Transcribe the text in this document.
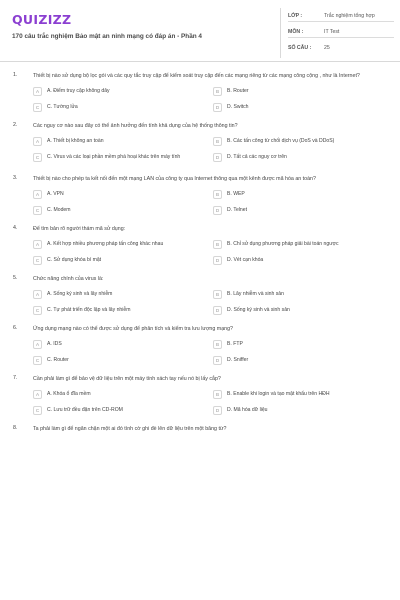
QUIZIZZ
170 câu trắc nghiệm Bảo mật an ninh mạng có đáp án - Phần 4
LỚP :	Trắc nghiệm tổng hợp
MÔN :	IT Test
SỐ CÂU : 25
1.	Thiết bị nào sử dụng bộ lọc gói và các quy tắc truy cập để kiểm soát truy cập đến các mạng riêng từ các mạng công cộng , như là Internet?
A	A. Điểm truy cập không dây	B	B. Router
C	C. Tường lửa	D	D. Switch
2.	Các nguy cơ nào sau đây có thể ảnh hưởng đến tính khả dụng của hệ thống thông tin?
A	A. Thiết bị không an toàn	B	B. Các tấn công từ chối dịch vụ (DoS và DDoS)
C	C. Virus và các loại phần mềm phá hoại khác trên máy tính	D	D. Tất cả các nguy cơ trên
3.	Thiết bị nào cho phép ta kết nối đến một mạng LAN của công ty qua Internet thông qua một kênh được mã hóa an toàn?
A	A. VPN	B	B. WEP
C	C. Modem	D	D. Telnet
4.	Để tìm bản rõ người thám mã sử dụng:
A	A. Kết hợp nhiều phương pháp tấn công khác nhau	B	B. Chỉ sử dụng phương pháp giải bài toán ngược
C	C. Sử dụng khóa bí mật	D	D. Vét cạn khóa
5.	Chức năng chính của virus là:
A	A. Sống ký sinh và lây nhiễm	B	B. Lây nhiễm và sinh sản
C	C. Tự phát triển độc lập và lây nhiễm	D	D. Sống ký sinh và sinh sản
6.	Ứng dụng mạng nào có thể được sử dụng để phân tích và kiểm tra lưu lượng mạng?
A	A. IDS	B	B. FTP
C	C. Router	D	D. Sniffer
7.	Cần phải làm gì để bảo vệ dữ liệu trên một máy tính xách tay nếu nó bị lấy cắp?
A	A. Khóa ổ đĩa mềm	B	B. Enable khi login và tạo mật khẩu trên HĐH
C	C. Lưu trữ đều đặn trên CD-ROM	D	D. Mã hóa dữ liệu
8.	Ta phải làm gì để ngăn chặn một ai đó tình cờ ghi đè lên dữ liệu trên một băng từ?
